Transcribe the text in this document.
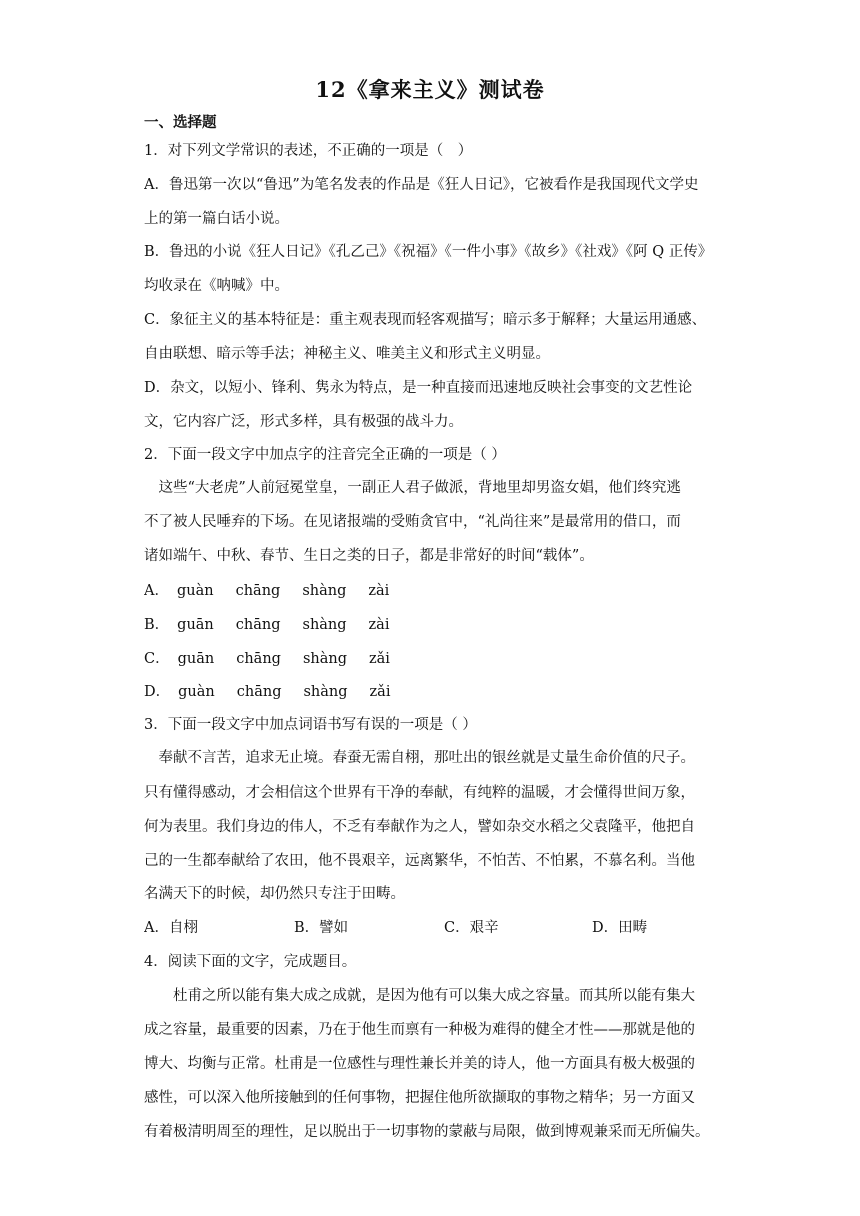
12《拿来主义》测试卷
一、选择题
1．对下列文学常识的表述，不正确的一项是（　）
A．鲁迅第一次以“鲁迅”为笔名发表的作品是《狂人日记》，它被看作是我国现代文学史
上的第一篇白话小说。
B．鲁迅的小说《狂人日记》《孔乙己》《祝福》《一件小事》《故乡》《社戏》《阿 Q 正传》
均收录在《呐喊》中。
C．象征主义的基本特征是：重主观表现而轻客观描写；暗示多于解释；大量运用通感、
自由联想、暗示等手法；神秘主义、唯美主义和形式主义明显。
D．杂文，以短小、锋利、隽永为特点，是一种直接而迅速地反映社会事变的文艺性论
文，它内容广泛，形式多样，具有极强的战斗力。
2．下面一段文字中加点字的注音完全正确的一项是（ ）
　这些“大老虎”人前冠冕堂皇，一副正人君子做派，背地里却男盗女娼，他们终究逃
不了被人民唾弃的下场。在见诸报端的受贿贪官中，“礼尚往来”是最常用的借口，而
诸如端午、中秋、春节、生日之类的日子，都是非常好的时间“载体”。
A． guàn chāng shàng zài
B． guān chāng shàng zài
C． guān chāng shàng zǎi
D． guàn chāng shàng zǎi
3．下面一段文字中加点词语书写有误的一项是（ ）
　奉献不言苦，追求无止境。春蚕无需自栩，那吐出的银丝就是丈量生命价值的尺子。
只有懂得感动，才会相信这个世界有干净的奉献，有纯粹的温暖，才会懂得世间万象，
何为表里。我们身边的伟人，不乏有奉献作为之人，譬如杂交水稻之父袁隆平，他把自
己的一生都奉献给了农田，他不畏艰辛，远离繁华，不怕苦、不怕累，不慕名利。当他
名满天下的时候，却仍然只专注于田畴。
A．自栩	B．譬如	C．艰辛	D．田畴
4．阅读下面的文字，完成题目。
　　杜甫之所以能有集大成之成就，是因为他有可以集大成之容量。而其所以能有集大
成之容量，最重要的因素，乃在于他生而禀有一种极为难得的健全才性——那就是他的
博大、均衡与正常。杜甫是一位感性与理性兼长并美的诗人，他一方面具有极大极强的
感性，可以深入他所接触到的任何事物，把握住他所欲撷取的事物之精华；另一方面又
有着极清明周至的理性，足以脱出于一切事物的蒙蔽与局限，做到博观兼采而无所偏失。
